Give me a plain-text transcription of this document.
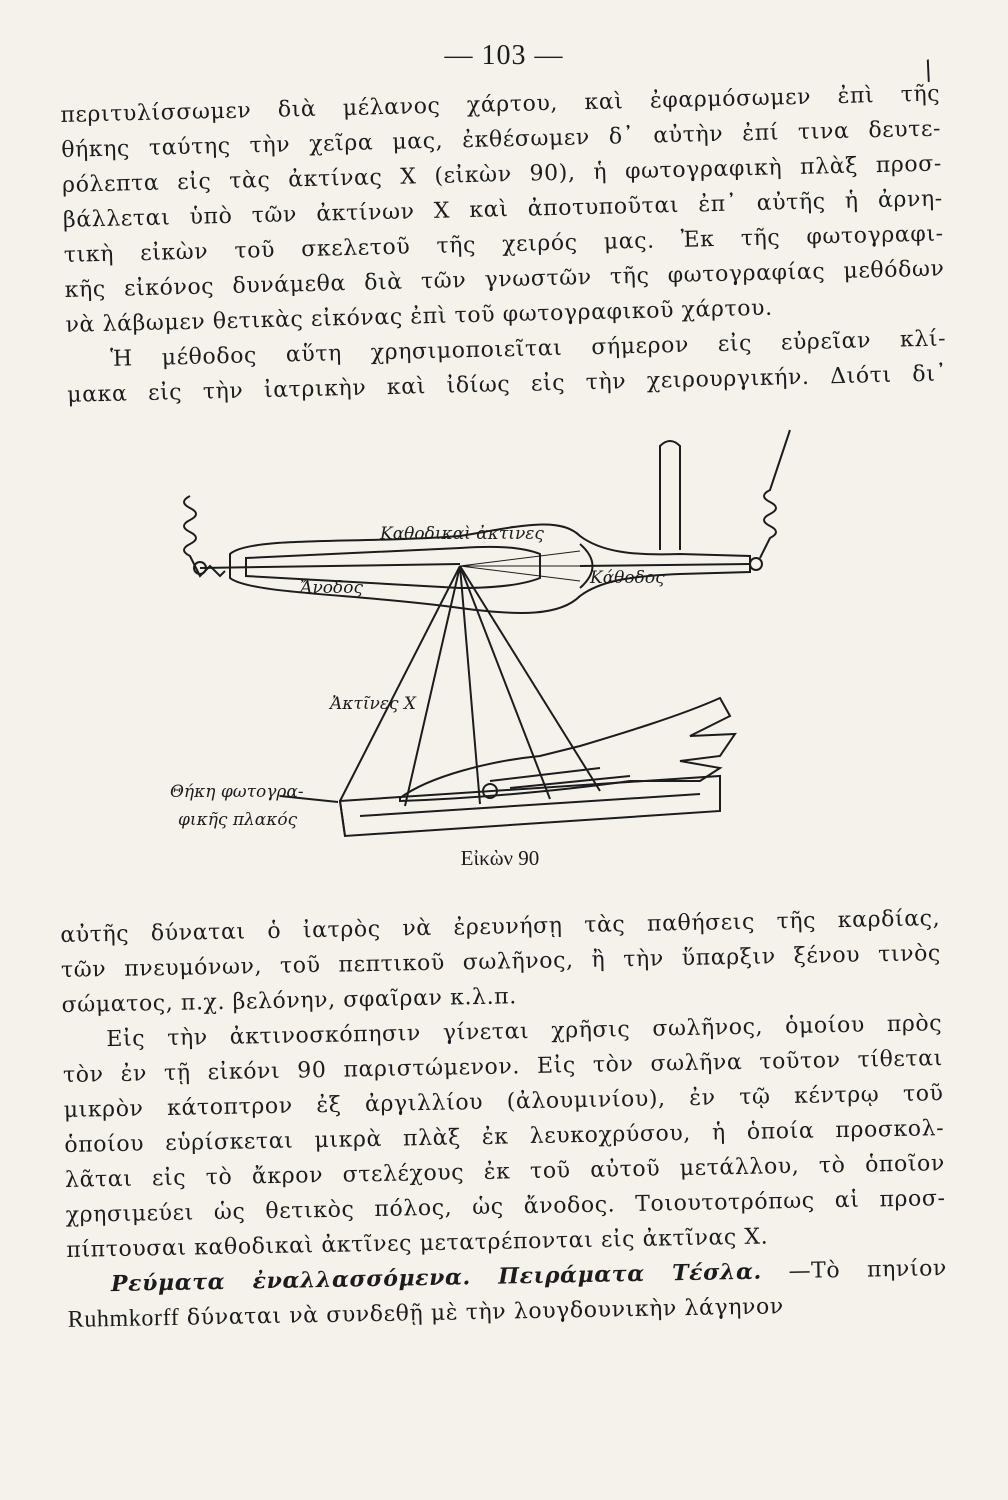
— 103 —	/
περιτυλίσσωμεν διὰ μέλανος χάρτου, καὶ ἐφαρμόσωμεν ἐπὶ τῆς
θήκης ταύτης τὴν χεῖρα μας, ἐκθέσωμεν δ᾽ αὐτὴν ἐπί τινα δευτε-
ρόλεπτα εἰς τὰς ἀκτίνας Χ (εἰκὼν 90), ἡ φωτογραφικὴ πλὰξ προσ-
βάλλεται ὑπὸ τῶν ἀκτίνων Χ καὶ ἀποτυποῦται ἐπ᾽ αὐτῆς ἡ ἀρνη-
τικὴ εἰκὼν τοῦ σκελετοῦ τῆς χειρός μας. Ἐκ τῆς φωτογραφι-
κῆς εἰκόνος δυνάμεθα διὰ τῶν γνωστῶν τῆς φωτογραφίας μεθόδων
νὰ λάβωμεν θετικὰς εἰκόνας ἐπὶ τοῦ φωτογραφικοῦ χάρτου.
Ἡ μέθοδος αὕτη χρησιμοποιεῖται σήμερον εἰς εὐρεῖαν κλί-
μακα εἰς τὴν ἰατρικὴν καὶ ἰδίως εἰς τὴν χειρουργικήν. Διότι δι᾽
Καθοδικαὶ ἀκτῖνες
Ἄνοδος	Κάθοδος
Ἀκτῖνες Χ
Θήκη φωτογρα-
φικῆς πλακός
Εἰκὼν 90
αὐτῆς δύναται ὁ ἰατρὸς νὰ ἐρευνήσῃ τὰς παθήσεις τῆς καρδίας,
τῶν πνευμόνων, τοῦ πεπτικοῦ σωλῆνος, ἢ τὴν ὕπαρξιν ξένου τινὸς
σώματος, π.χ. βελόνην, σφαῖραν κ.λ.π.
Εἰς τὴν ἀκτινοσκόπησιν γίνεται χρῆσις σωλῆνος, ὁμοίου πρὸς
τὸν ἐν τῇ εἰκόνι 90 παριστώμενον. Εἰς τὸν σωλῆνα τοῦτον τίθεται
μικρὸν κάτοπτρον ἐξ ἀργιλλίου (ἀλουμινίου), ἐν τῷ κέντρῳ τοῦ
ὁποίου εὑρίσκεται μικρὰ πλὰξ ἐκ λευκοχρύσου, ἡ ὁποία προσκολ-
λᾶται εἰς τὸ ἄκρον στελέχους ἐκ τοῦ αὐτοῦ μετάλλου, τὸ ὁποῖον
χρησιμεύει ὡς θετικὸς πόλος, ὡς ἄνοδος. Τοιουτοτρόπως αἱ προσ-
πίπτουσαι καθοδικαὶ ἀκτῖνες μετατρέπονται εἰς ἀκτῖνας Χ.
Ρεύματα ἐναλλασσόμενα. Πειράματα Τέσλα. —Τὸ πηνίον
Ruhmkorff δύναται νὰ συνδεθῇ μὲ τὴν λουγδουνικὴν λάγηνον
